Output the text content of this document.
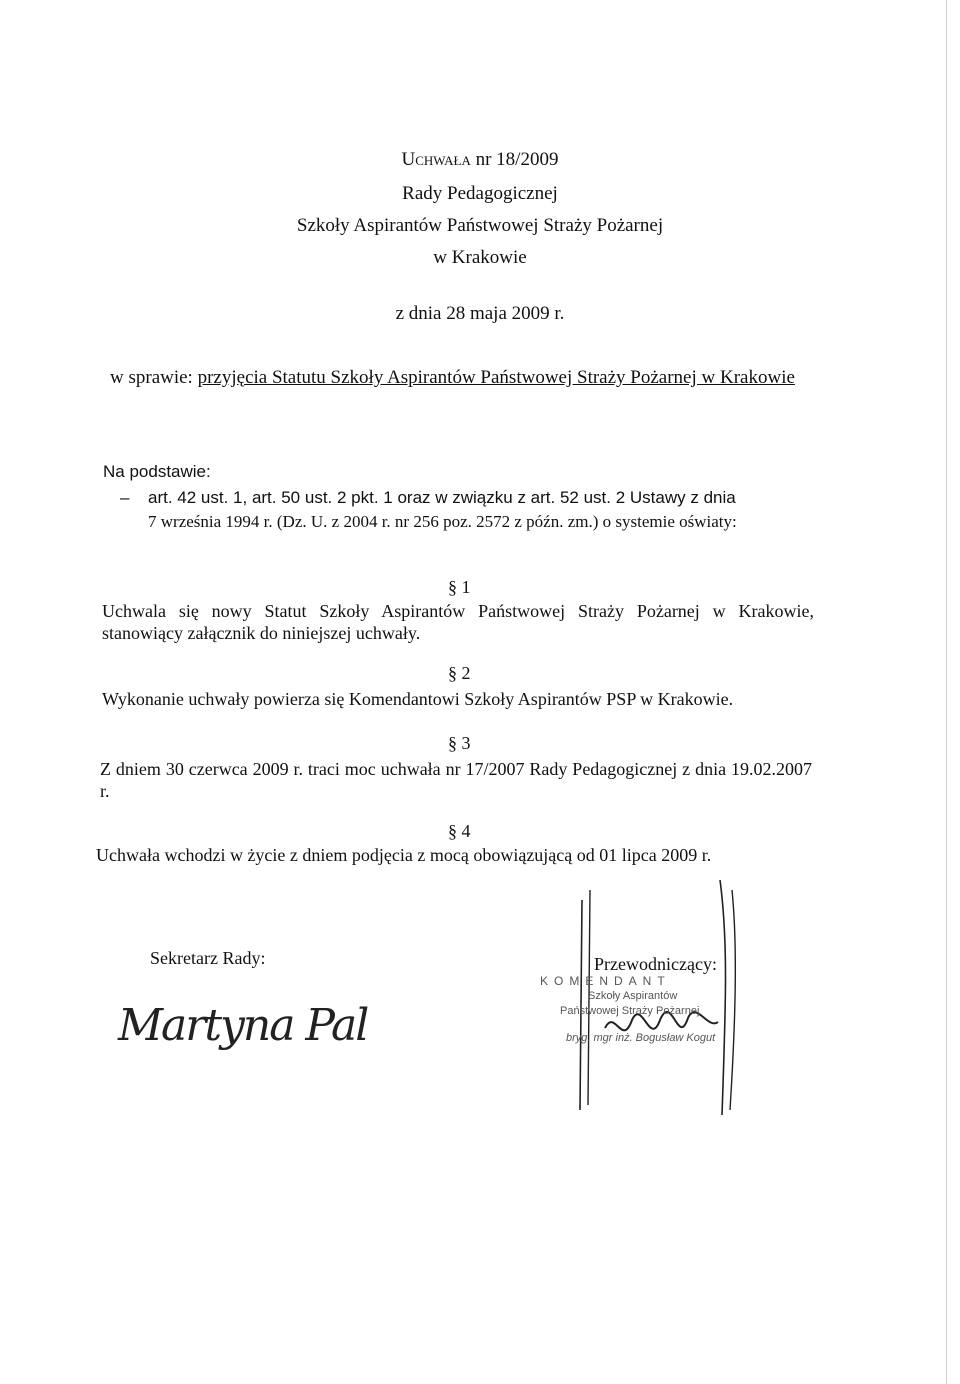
Uchwała nr 18/2009
Rady Pedagogicznej
Szkoły Aspirantów Państwowej Straży Pożarnej
w Krakowie
z dnia 28 maja 2009 r.
w sprawie: przyjęcia Statutu Szkoły Aspirantów Państwowej Straży Pożarnej w Krakowie
Na podstawie:
– art. 42 ust. 1, art. 50 ust. 2 pkt. 1 oraz w związku z art. 52 ust. 2 Ustawy z dnia
7 września 1994 r. (Dz. U. z 2004 r. nr 256 poz. 2572 z późn. zm.) o systemie oświaty:
§ 1
Uchwala się nowy Statut Szkoły Aspirantów Państwowej Straży Pożarnej w Krakowie, stanowiący załącznik do niniejszej uchwały.
§ 2
Wykonanie uchwały powierza się Komendantowi Szkoły Aspirantów PSP w Krakowie.
§ 3
Z dniem 30 czerwca 2009 r. traci moc uchwała nr 17/2007 Rady Pedagogicznej z dnia 19.02.2007 r.
§ 4
Uchwała wchodzi w życie z dniem podjęcia z mocą obowiązującą od 01 lipca 2009 r.
Sekretarz Rady:
Martyna Pal
Przewodniczący:
KOMENDANT
Szkoły Aspirantów
Państwowej Straży Pożarnej
bryg. mgr inż. Bogusław Kogut
